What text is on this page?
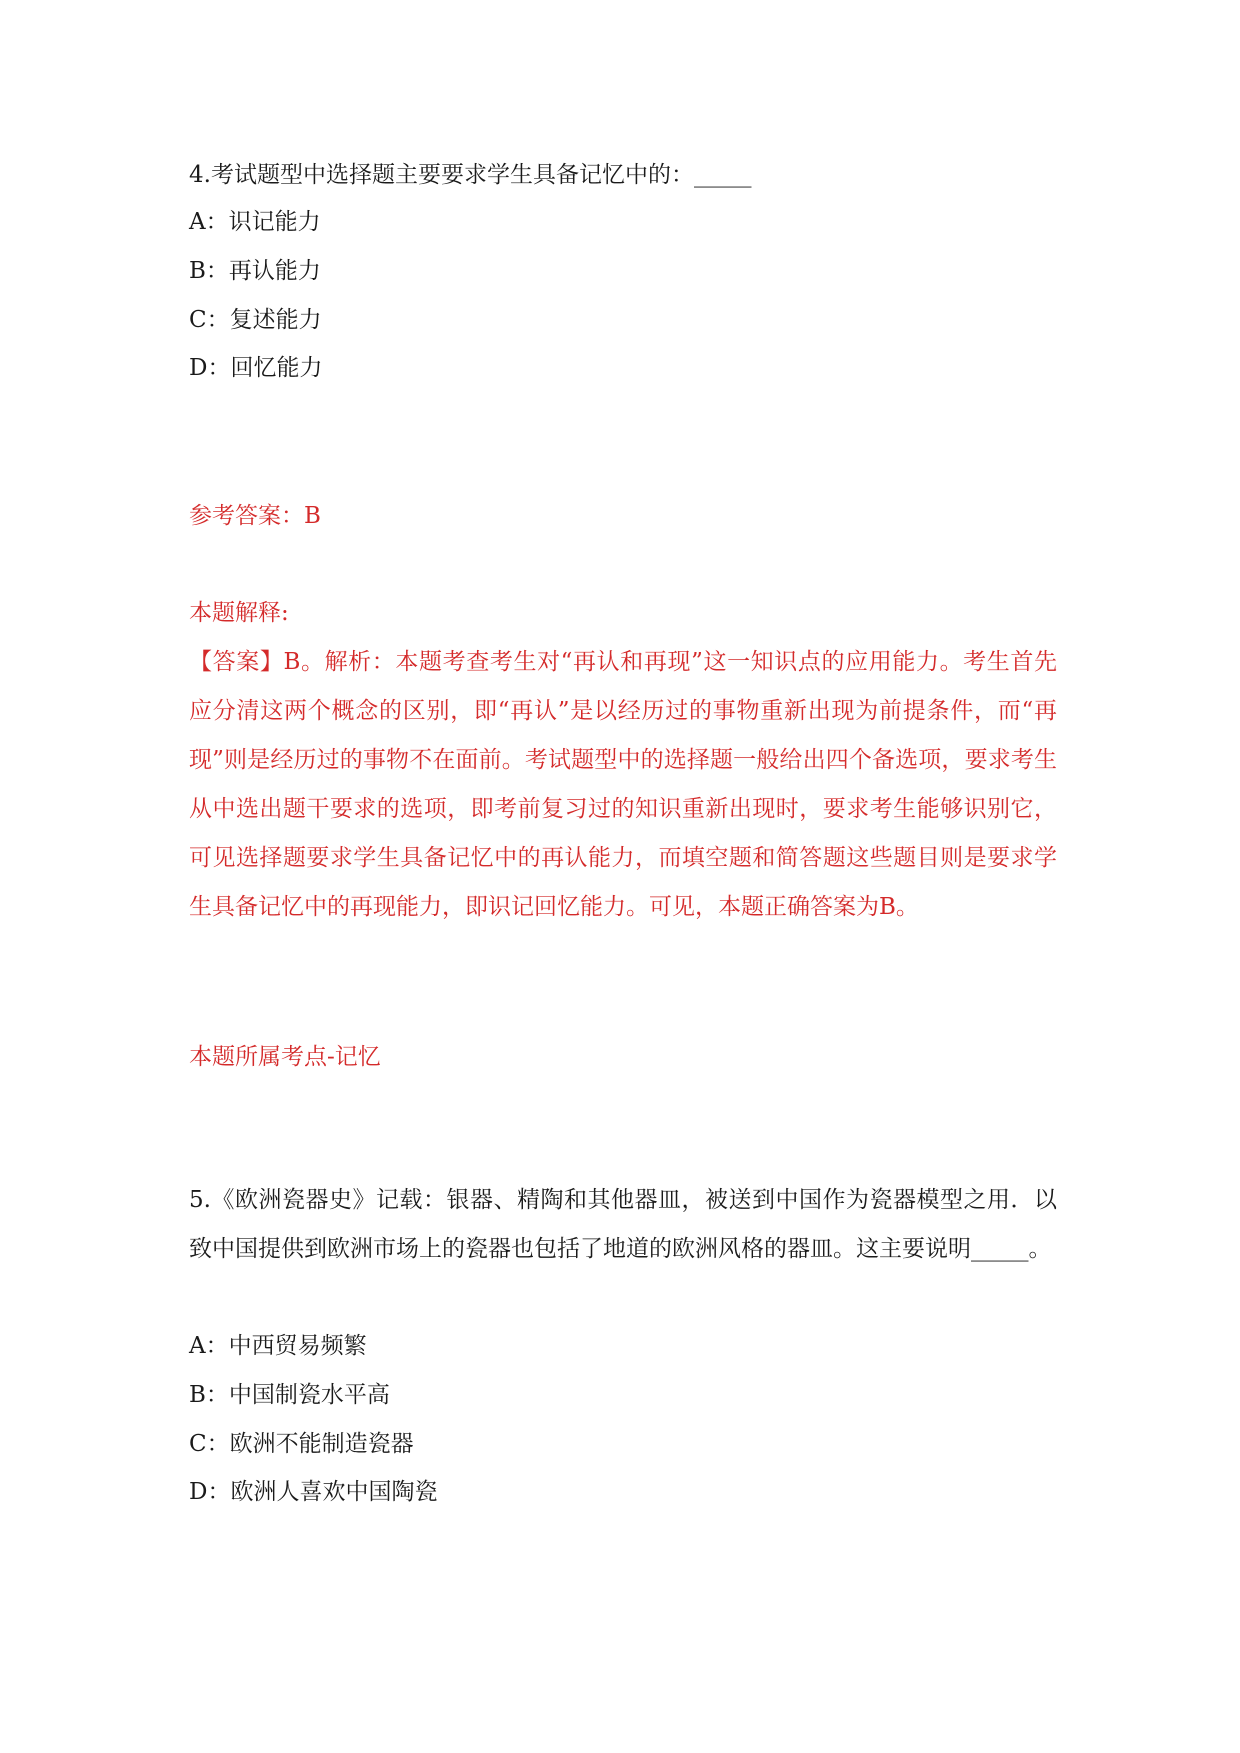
4.考试题型中选择题主要要求学生具备记忆中的：_____
A：识记能力
B：再认能力
C：复述能力
D：回忆能力
参考答案：B
本题解释:
【答案】B。解析：本题考查考生对“再认和再现”这一知识点的应用能力。考生首先应分清这两个概念的区别，即“再认”是以经历过的事物重新出现为前提条件，而“再现”则是经历过的事物不在面前。考试题型中的选择题一般给出四个备选项，要求考生从中选出题干要求的选项，即考前复习过的知识重新出现时，要求考生能够识别它，可见选择题要求学生具备记忆中的再认能力，而填空题和简答题这些题目则是要求学生具备记忆中的再现能力，即识记回忆能力。可见，本题正确答案为B。
本题所属考点-记忆
5.《欧洲瓷器史》记载：银器、精陶和其他器皿，被送到中国作为瓷器模型之用．以致中国提供到欧洲市场上的瓷器也包括了地道的欧洲风格的器皿。这主要说明_____。
A：中西贸易频繁
B：中国制瓷水平高
C：欧洲不能制造瓷器
D：欧洲人喜欢中国陶瓷
